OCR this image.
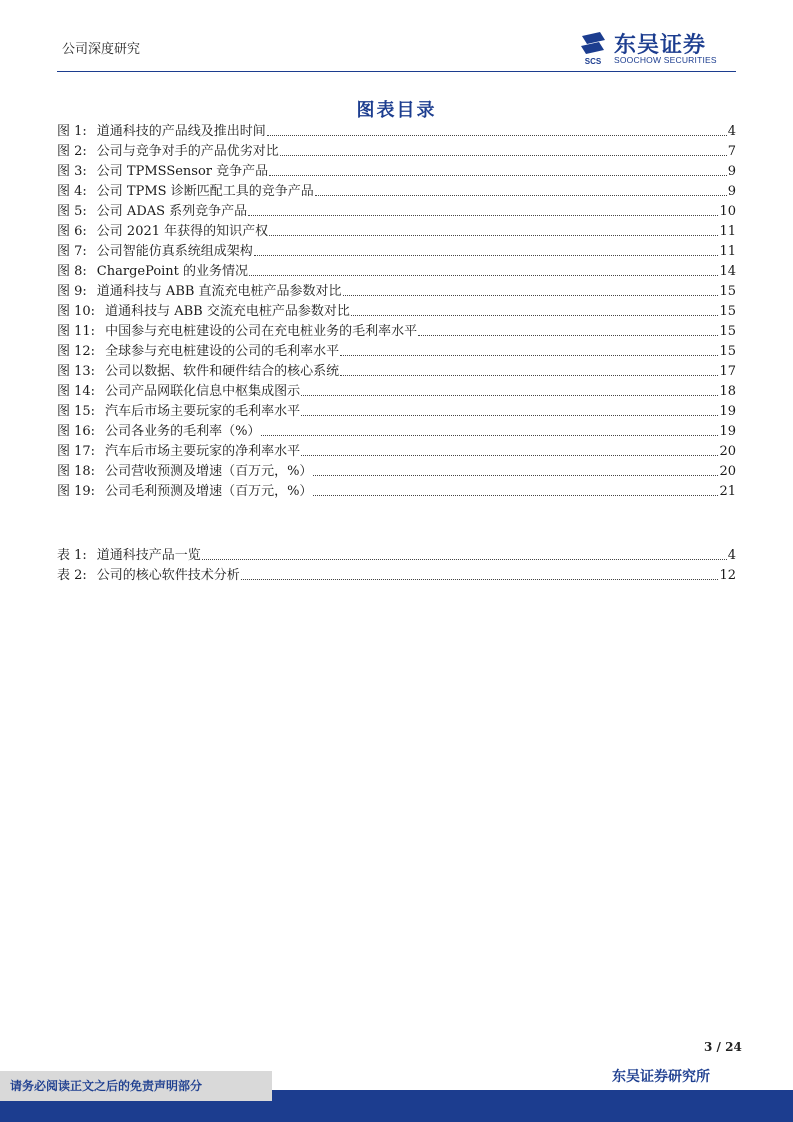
公司深度研究
SCS
东吴证券
SOOCHOW SECURITIES
图表目录
图 1: 道通科技的产品线及推出时间	4
图 2: 公司与竞争对手的产品优劣对比	7
图 3: 公司 TPMSSensor 竞争产品	9
图 4: 公司 TPMS 诊断匹配工具的竞争产品	9
图 5: 公司 ADAS 系列竞争产品	10
图 6: 公司 2021 年获得的知识产权	11
图 7: 公司智能仿真系统组成架构	11
图 8: ChargePoint 的业务情况	14
图 9: 道通科技与 ABB 直流充电桩产品参数对比	15
图 10: 道通科技与 ABB 交流充电桩产品参数对比	15
图 11: 中国参与充电桩建设的公司在充电桩业务的毛利率水平	15
图 12: 全球参与充电桩建设的公司的毛利率水平	15
图 13: 公司以数据、软件和硬件结合的核心系统	17
图 14: 公司产品网联化信息中枢集成图示	18
图 15: 汽车后市场主要玩家的毛利率水平	19
图 16: 公司各业务的毛利率（%）	19
图 17: 汽车后市场主要玩家的净利率水平	20
图 18: 公司营收预测及增速（百万元，%）	20
图 19: 公司毛利预测及增速（百万元，%）	21
表 1: 道通科技产品一览	4
表 2: 公司的核心软件技术分析	12
3 / 24
请务必阅读正文之后的免责声明部分
东吴证券研究所
